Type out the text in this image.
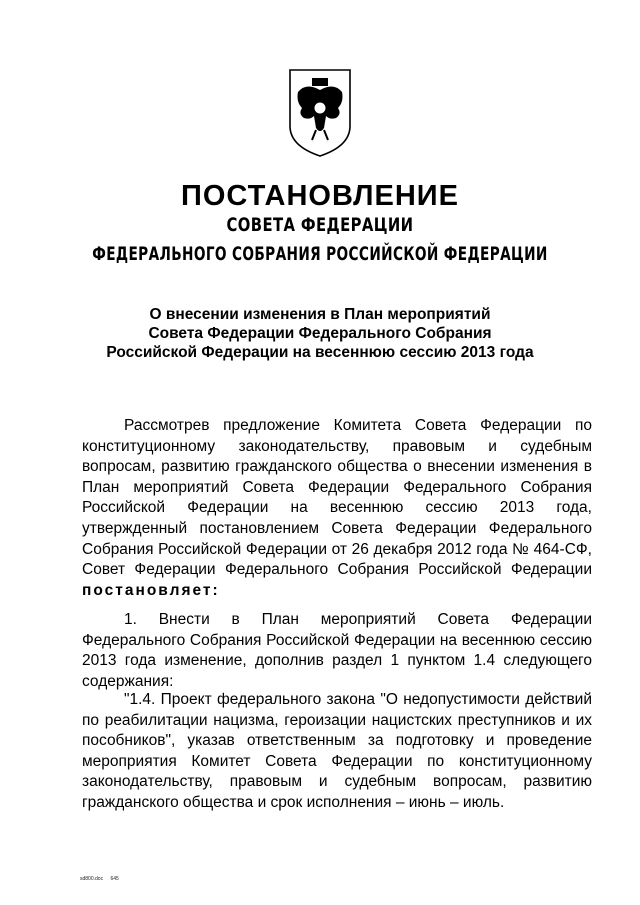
ПОСТАНОВЛЕНИЕ
СОВЕТА ФЕДЕРАЦИИ
ФЕДЕРАЛЬНОГО СОБРАНИЯ РОССИЙСКОЙ ФЕДЕРАЦИИ
О внесении изменения в План мероприятий
Совета Федерации Федерального Собрания
Российской Федерации на весеннюю сессию 2013 года

Рассмотрев предложение Комитета Совета Федерации по конституционному законодательству, правовым и судебным вопросам, развитию гражданского общества о внесении изменения в План мероприятий Совета Федерации Федерального Собрания Российской Федерации на весеннюю сессию 2013 года, утвержденный постановлением Совета Федерации Федерального Собрания Российской Федерации от 26 декабря 2012 года № 464-СФ, Совет Федерации Федерального Собрания Российской Федерации постановляет:

1. Внести в План мероприятий Совета Федерации Федерального Собрания Российской Федерации на весеннюю сессию 2013 года изменение, дополнив раздел 1 пунктом 1.4 следующего содержания:

"1.4. Проект федерального закона "О недопустимости действий по реабилитации нацизма, героизации нацистских преступников и их пособников", указав ответственным за подготовку и проведение мероприятия Комитет Совета Федерации по конституционному законодательству, правовым и судебным вопросам, развитию гражданского общества и срок исполнения – июнь – июль.

sd800.doc 645
